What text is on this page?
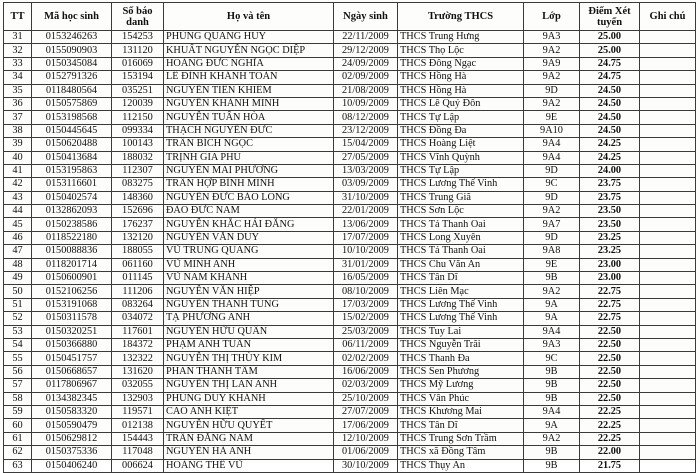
TT	Mã học sinh	Số báo danh	Họ và tên	Ngày sinh	Trường THCS	Lớp	Điểm Xét tuyển	Ghi chú
31	0153246263	154253	PHÙNG QUANG HUY	22/11/2009	THCS Trung Hưng	9A3	25.00	
32	0155090903	131120	KHUẤT NGUYỄN NGỌC DIỆP	29/12/2009	THCS Thọ Lộc	9A2	25.00	
33	0150345084	016069	HOÀNG ĐỨC NGHĨA	24/09/2009	THCS Đông Ngạc	9A9	24.75	
34	0152791326	153194	LÊ ĐÌNH KHÁNH TOÀN	02/09/2009	THCS Hồng Hà	9A2	24.75	
35	0118480564	035251	NGUYỄN TIẾN KHIÊM	21/08/2009	THCS Hồng Hà	9D	24.50	
36	0150575869	120039	NGUYỄN KHÁNH MINH	10/09/2009	THCS Lê Quý Đôn	9A2	24.50	
37	0153198568	112150	NGUYỄN TUẤN HÒA	08/12/2009	THCS Tự Lập	9E	24.50	
38	0150445645	099334	THẠCH NGUYỄN ĐỨC	23/12/2009	THCS Đồng Đa	9A10	24.50	
39	0150620488	100143	TRẦN BÍCH NGỌC	15/04/2009	THCS Hoàng Liệt	9A4	24.25	
40	0150413684	188032	TRỊNH GIA PHÚ	27/05/2009	THCS Vĩnh Quỳnh	9A4	24.25	
41	0153195863	112307	NGUYỄN MAI PHƯƠNG	13/03/2009	THCS Tự Lập	9D	24.00	
42	0153116601	083275	TRẦN HỢP BÌNH MINH	03/09/2009	THCS Lương Thế Vinh	9C	23.75	
43	0150402574	148360	NGUYỄN ĐỨC BẢO LONG	31/10/2009	THCS Trung Giã	9D	23.75	
44	0132862093	152696	ĐÀO ĐỨC NAM	22/01/2009	THCS Sơn Lộc	9A2	23.50	
45	0150238586	176237	NGUYỄN KHẮC HẢI ĐĂNG	13/06/2009	THCS Tả Thanh Oai	9A7	23.50	
46	0118522180	132120	NGUYỄN VĂN DUY	17/07/2009	THCS Long Xuyên	9D	23.25	
47	0150088836	188055	VŨ TRUNG QUANG	10/10/2009	THCS Tả Thanh Oai	9A8	23.25	
48	0118201714	061160	VŨ MINH ANH	31/01/2009	THCS Chu Văn An	9E	23.00	
49	0150600901	011145	VŨ NAM KHÁNH	16/05/2009	THCS Tân Dĩ	9B	23.00	
50	0152106256	111206	NGUYỄN VĂN HIỆP	08/10/2009	THCS Liên Mạc	9A2	22.75	
51	0153191068	083264	NGUYỄN THANH TÙNG	17/03/2009	THCS Lương Thế Vinh	9A	22.75	
52	0150311578	034072	TẠ PHƯƠNG ANH	15/02/2009	THCS Lương Thế Vinh	9A	22.75	
53	0150320251	117601	NGUYỄN HỮU QUÂN	25/03/2009	THCS Tuy Lai	9A4	22.50	
54	0150366880	184372	PHẠM ANH TUẤN	06/11/2009	THCS Nguyễn Trãi	9A3	22.50	
55	0150451757	132322	NGUYỄN THỊ THÙY KIM	02/02/2009	THCS Thanh Đa	9C	22.50	
56	0150668657	131620	PHAN THANH TÂM	16/06/2009	THCS Sen Phương	9B	22.50	
57	0117806967	032055	NGUYỄN THỊ LAN ANH	02/03/2009	THCS Mỹ Lương	9B	22.50	
58	0134382345	132903	PHÙNG DUY KHÁNH	25/10/2009	THCS Vân Phúc	9B	22.50	
59	0150583320	119571	CAO ANH KIỆT	27/07/2009	THCS Khương Mai	9A4	22.25	
60	0150590479	012138	NGUYỄN HỮU QUYẾT	17/06/2009	THCS Tân Dĩ	9A	22.25	
61	0150629812	154443	TRẦN ĐĂNG NAM	12/10/2009	THCS Trung Sơn Trầm	9A2	22.25	
62	0150375336	117048	NGUYỄN HÀ ANH	01/06/2009	THCS xã Đồng Tâm	9B	22.00	
63	0150406240	006624	HOÀNG THẾ VŨ	30/10/2009	THCS Thụy An	9B	21.75	
